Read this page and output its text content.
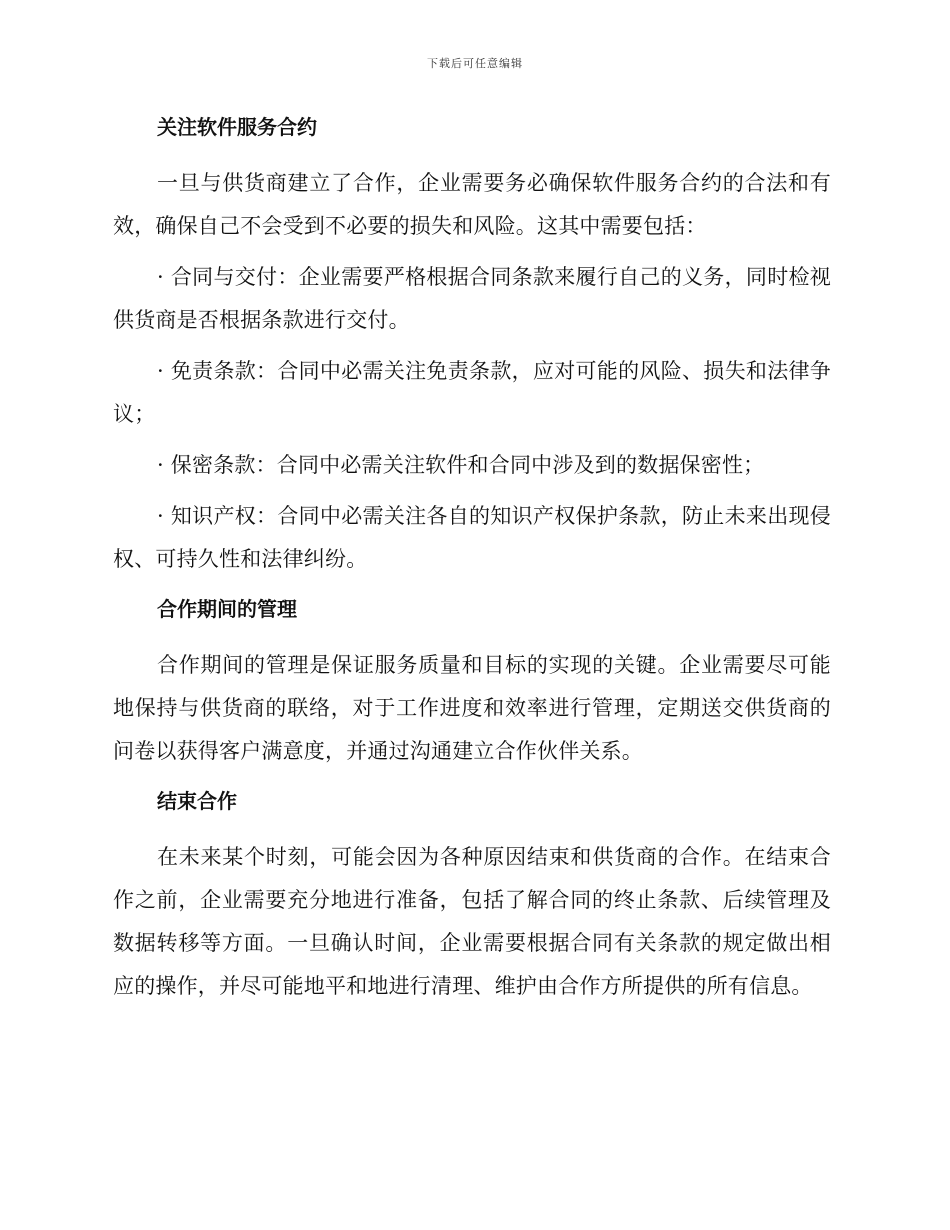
下载后可任意编辑
关注软件服务合约

一旦与供货商建立了合作，企业需要务必确保软件服务合约的合法和有效，确保自己不会受到不必要的损失和风险。这其中需要包括：

· 合同与交付：企业需要严格根据合同条款来履行自己的义务，同时检视供货商是否根据条款进行交付。

· 免责条款：合同中必需关注免责条款，应对可能的风险、损失和法律争议；

· 保密条款：合同中必需关注软件和合同中涉及到的数据保密性；

· 知识产权：合同中必需关注各自的知识产权保护条款，防止未来出现侵权、可持久性和法律纠纷。

合作期间的管理

合作期间的管理是保证服务质量和目标的实现的关键。企业需要尽可能地保持与供货商的联络，对于工作进度和效率进行管理，定期送交供货商的问卷以获得客户满意度，并通过沟通建立合作伙伴关系。

结束合作

在未来某个时刻，可能会因为各种原因结束和供货商的合作。在结束合作之前，企业需要充分地进行准备，包括了解合同的终止条款、后续管理及数据转移等方面。一旦确认时间，企业需要根据合同有关条款的规定做出相应的操作，并尽可能地平和地进行清理、维护由合作方所提供的所有信息。
